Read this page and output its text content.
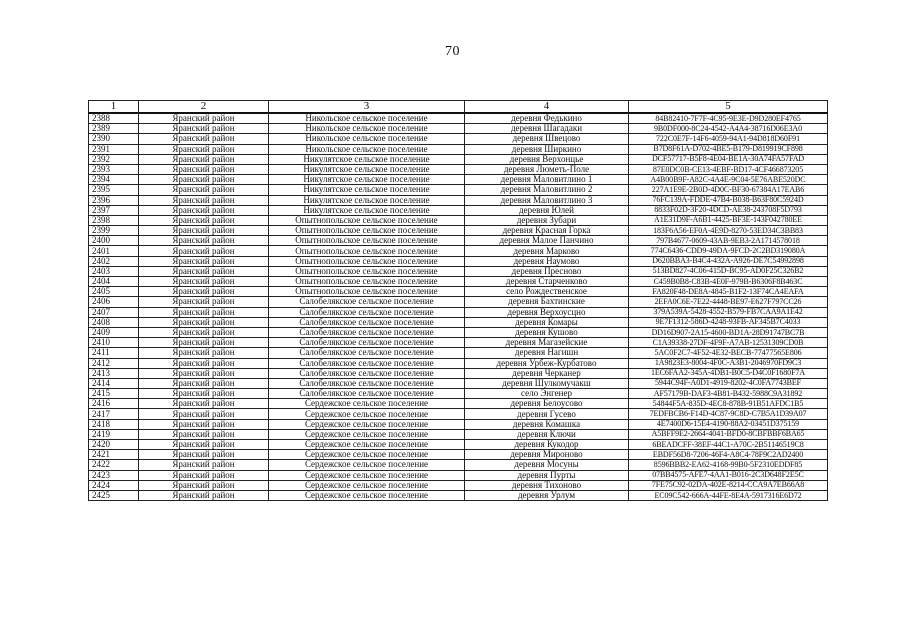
70
1	2	3	4	5
2388	Яранский район	Никольское сельское поселение	деревня Федькино	84B82410-7F7F-4C95-9E3E-D9D280EF4765
2389	Яранский район	Никольское сельское поселение	деревня Шагадаки	9B0DF000-8C24-4542-A4A4-38716D06E3A0
2390	Яранский район	Никольское сельское поселение	деревня Швецово	722C0E7F-14F6-4059-94A1-94D818D60F91
2391	Яранский район	Никольское сельское поселение	деревня Ширкино	B7D8F61A-D702-4BE5-B179-D819919CF898
2392	Яранский район	Никулятское сельское поселение	деревня Верхонцье	DCF57717-B5F8-4E04-BE1A-30A74FA57FAD
2393	Яранский район	Никулятское сельское поселение	деревня Люметь-Поле	87E0DC0B-CE13-4EBF-BD17-4CF466873205
2394	Яранский район	Никулятское сельское поселение	деревня Маловитлино 1	A4B00B9F-A82C-4A4E-9C04-5E76ABE520DC
2395	Яранский район	Никулятское сельское поселение	деревня Маловитлино 2	227A1E9E-2B0D-4D0C-BF30-67384A17EAB6
2396	Яранский район	Никулятское сельское поселение	деревня Маловитлино 3	76FC139A-FDDE-47B4-B038-B63F80C5924D
2397	Яранский район	Никулятское сельское поселение	деревня Юлей	8833F02D-3F20-4DCD-AE38-243708F5D793
2398	Яранский район	Опытнопольское сельское поселение	деревня Зубари	A1E31D9F-A6B1-4425-BF3E-143F042780EE
2399	Яранский район	Опытнопольское сельское поселение	деревня Красная Горка	183F6A56-EF0A-4E9D-8270-53ED34C3BB83
2400	Яранский район	Опытнопольское сельское поселение	деревня Малое Панчино	797B4677-0609-43AB-9EB3-2A1714578018
2401	Яранский район	Опытнопольское сельское поселение	деревня Марково	774C6436-CDD9-49DA-9FCD-2C2BD319080A
2402	Яранский район	Опытнопольское сельское поселение	деревня Наумово	D620BBA3-B4C4-432A-A926-DE7C54992898
2403	Яранский район	Опытнопольское сельское поселение	деревня Пресново	513BD827-4C06-415D-BC95-AD0F25C326B2
2404	Яранский район	Опытнопольское сельское поселение	деревня Старченково	C459B0B8-C83B-4E0F-979B-B6306F8B463C
2405	Яранский район	Опытнопольское сельское поселение	село Рождественское	FA820F48-DE8A-4845-B1F2-13F74CA4EAFA
2406	Яранский район	Салобелякское сельское поселение	деревня Бахтинские	2EFA0C6E-7E22-4448-BE97-E627F797CC26
2407	Яранский район	Салобелякское сельское поселение	деревня Верхоусцно	379A539A-5428-4552-B579-FB7CAA9A1E42
2408	Яранский район	Салобелякское сельское поселение	деревня Комары	9E7F1312-586D-4248-93FB-AF345B7C4033
2409	Яранский район	Салобелякское сельское поселение	деревня Кушово	DD16D907-2A15-4600-BD1A-28D91747BC7B
2410	Яранский район	Салобелякское сельское поселение	деревня Магазейские	C1A39338-27DF-4F9F-A7AB-12531309CD0B
2411	Яранский район	Салобелякское сельское поселение	деревня Нагишн	5AC0F2C7-4F52-4E32-BECB-77477565E806
2412	Яранский район	Салобелякское сельское поселение	деревня Урбеж-Курбатово	1A9823E3-8004-4F0C-A3B1-2046970FD9C3
2413	Яранский район	Салобелякское сельское поселение	деревня Черканер	1EC6FAA2-345A-4DB1-B0C5-D4C0F1680F7A
2414	Яранский район	Салобелякское сельское поселение	деревня Шулкомучакш	5944C94F-A0D1-4919-8202-4C0FA7743BEF
2415	Яранский район	Салобелякское сельское поселение	село Энгенер	AF57179B-DAF3-4B81-B432-5988C9A31892
2416	Яранский район	Сердежское сельское поселение	деревня Белоусово	54844F5A-835D-4EC8-878B-91B51AFDC1B5
2417	Яранский район	Сердежское сельское поселение	деревня Гусево	7EDFBCB6-F14D-4C87-9C8D-C7B5A1D39A07
2418	Яранский район	Сердежское сельское поселение	деревня Комашка	4E7400D6-15E4-4190-88A2-03451D375159
2419	Яранский район	Сердежское сельское поселение	деревня Ключи	A5BFF9E2-2664-4041-BFD0-8CBFBBF6BA65
2420	Яранский район	Сердежское сельское поселение	деревня Кукодор	6BEADCFF-38EF-44C1-A70C-2B51146519C8
2421	Яранский район	Сердежское сельское поселение	деревня Мироново	EBDF56D8-7206-46F4-A8C4-78F9C2AD2400
2422	Яранский район	Сердежское сельское поселение	деревня Мосуны	8596BBB2-EA62-4168-99B0-5F2310EDDF85
2423	Яранский район	Сердежское сельское поселение	деревня Пурты	07BB4575-AFE7-4AA1-B016-2C3D648F2E5C
2424	Яранский район	Сердежское сельское поселение	деревня Тихоново	7FE75C92-02DA-402E-8214-CCA9A7EB66A8
2425	Яранский район	Сердежское сельское поселение	деревня Урлум	EC09C542-666A-44FE-8E4A-5917316E6D72
